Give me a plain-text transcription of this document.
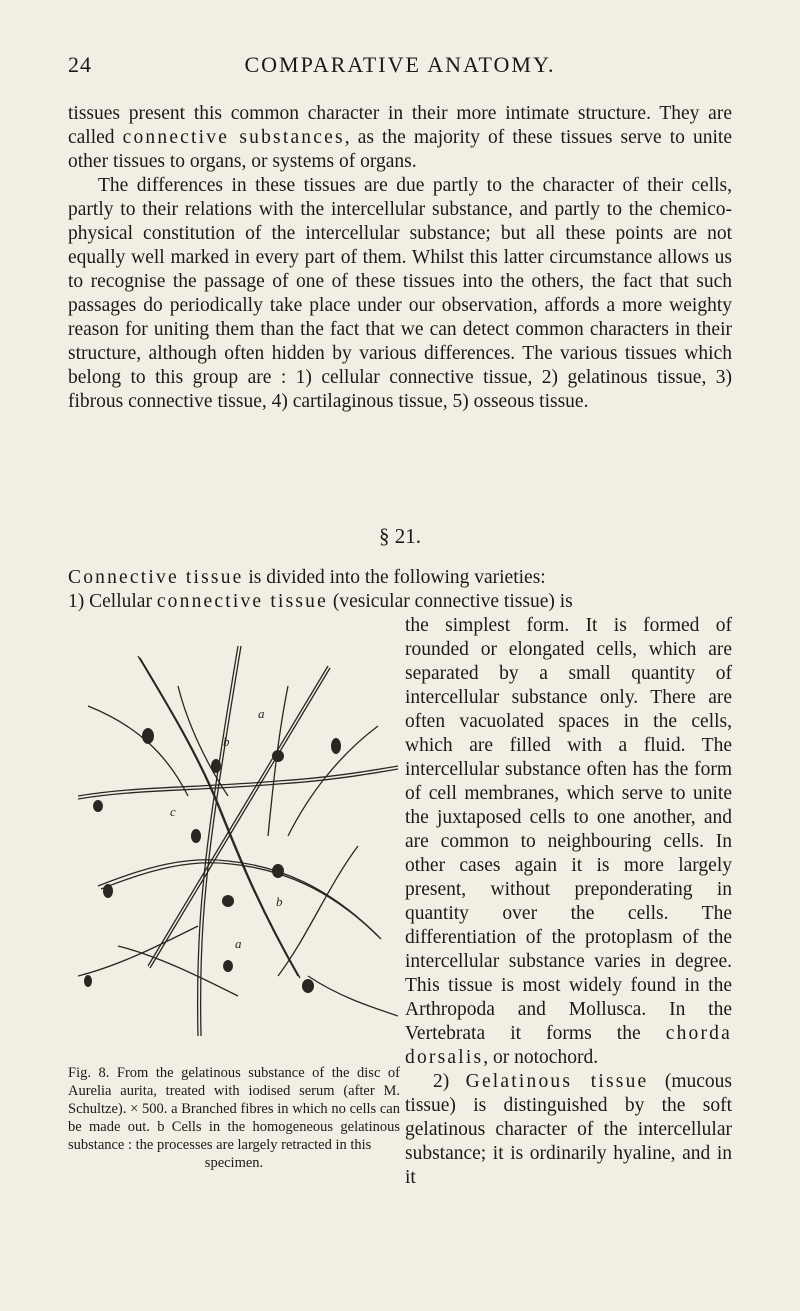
24	COMPARATIVE ANATOMY.

tissues present this common character in their more intimate structure. They are called connective substances, as the majority of these tissues serve to unite other tissues to organs, or systems of organs.

The differences in these tissues are due partly to the character of their cells, partly to their relations with the intercellular substance, and partly to the chemico-physical constitution of the intercellular substance; but all these points are not equally well marked in every part of them. Whilst this latter circumstance allows us to recognise the passage of one of these tissues into the others, the fact that such passages do periodically take place under our observation, affords a more weighty reason for uniting them than the fact that we can detect common characters in their structure, although often hidden by various differences. The various tissues which belong to this group are : 1) cellular connective tissue, 2) gelatinous tissue, 3) fibrous connective tissue, 4) cartilaginous tissue, 5) osseous tissue.

§ 21.
Connective tissue is divided into the following varieties:
1) Cellular connective tissue (vesicular connective tissue) is
a
b
c
a
b
Fig. 8. From the gelatinous substance of the disc of Aurelia aurita, treated with iodised serum (after M. Schultze). × 500. a Branched fibres in which no cells can be made out. b Cells in the homogeneous gelatinous substance : the processes are largely retracted in this
specimen.
the simplest form. It is formed of rounded or elongated cells, which are separated by a small quantity of intercellular substance only. There are often vacuolated spaces in the cells, which are filled with a fluid. The intercellular substance often has the form of cell membranes, which serve to unite the juxtaposed cells to one another, and are common to neighbouring cells. In other cases again it is more largely present, without preponderating in quantity over the cells. The differentiation of the protoplasm of the intercellular substance varies in degree. This tissue is most widely found in the Arthropoda and Mollusca. In the Vertebrata it forms the chorda dorsalis, or notochord.
2) Gelatinous tissue (mucous tissue) is distinguished by the soft gelatinous character of the intercellular substance; it is ordinarily hyaline, and in it
